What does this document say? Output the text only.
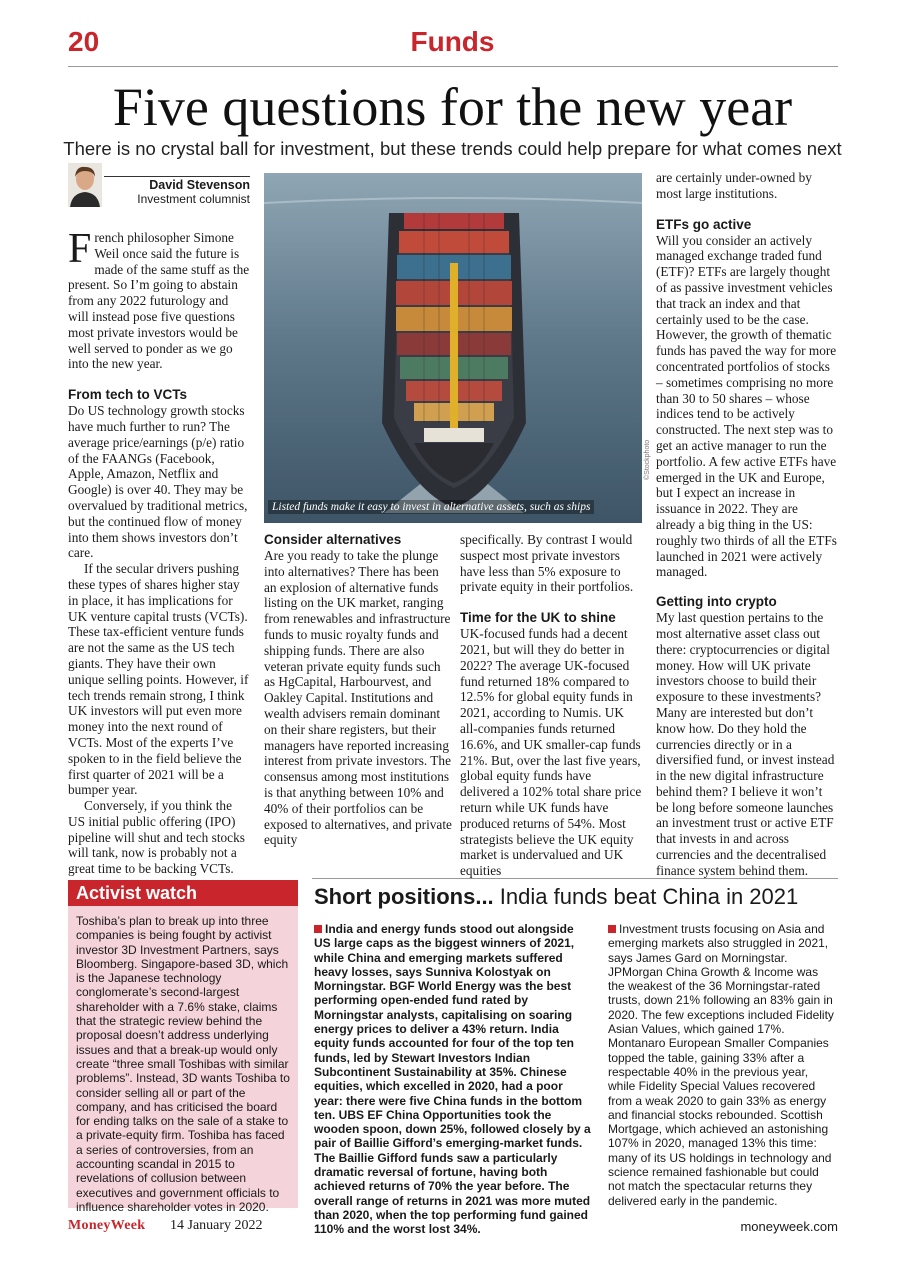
20	Funds
Five questions for the new year
There is no crystal ball for investment, but these trends could help prepare for what comes next
David Stevenson
Investment columnist

French philosopher Simone Weil once said the future is made of the same stuff as the present. So I’m going to abstain from any 2022 futurology and will instead pose five questions most private investors would be well served to ponder as we go into the new year.

From tech to VCTs

Do US technology growth stocks have much further to run? The average price/earnings (p/e) ratio of the FAANGs (Facebook, Apple, Amazon, Netflix and Google) is over 40. They may be overvalued by traditional metrics, but the continued flow of money into them shows investors don’t care.

If the secular drivers pushing these types of shares higher stay in place, it has implications for UK venture capital trusts (VCTs). These tax-efficient venture funds are not the same as the US tech giants. They have their own unique selling points. However, if tech trends remain strong, I think UK investors will put even more money into the next round of VCTs. Most of the experts I’ve spoken to in the field believe the first quarter of 2021 will be a bumper year.

Conversely, if you think the US initial public offering (IPO) pipeline will shut and tech stocks will tank, now is probably not a great time to be backing VCTs.

Listed funds make it easy to invest in alternative assets, such as ships
©Stockphoto
Consider alternatives

Are you ready to take the plunge into alternatives? There has been an explosion of alternative funds listing on the UK market, ranging from renewables and infrastructure funds to music royalty funds and shipping funds. There are also veteran private equity funds such as HgCapital, Harbourvest, and Oakley Capital. Institutions and wealth advisers remain dominant on their share registers, but their managers have reported increasing interest from private investors. The consensus among most institutions is that anything between 10% and 40% of their portfolios can be exposed to alternatives, and private equity

specifically. By contrast I would suspect most private investors have less than 5% exposure to private equity in their portfolios.

Time for the UK to shine

UK-focused funds had a decent 2021, but will they do better in 2022? The average UK-focused fund returned 18% compared to 12.5% for global equity funds in 2021, according to Numis. UK all-companies funds returned 16.6%, and UK smaller-cap funds 21%. But, over the last five years, global equity funds have delivered a 102% total share price return while UK funds have produced returns of 54%. Most strategists believe the UK equity market is undervalued and UK equities

are certainly under-owned by most large institutions.

ETFs go active

Will you consider an actively managed exchange traded fund (ETF)? ETFs are largely thought of as passive investment vehicles that track an index and that certainly used to be the case. However, the growth of thematic funds has paved the way for more concentrated portfolios of stocks – sometimes comprising no more than 30 to 50 shares – whose indices tend to be actively constructed. The next step was to get an active manager to run the portfolio. A few active ETFs have emerged in the UK and Europe, but I expect an increase in issuance in 2022. They are already a big thing in the US: roughly two thirds of all the ETFs launched in 2021 were actively managed.

Getting into crypto

My last question pertains to the most alternative asset class out there: cryptocurrencies or digital money. How will UK private investors choose to build their exposure to these investments? Many are interested but don’t know how. Do they hold the currencies directly or in a diversified fund, or invest instead in the new digital infrastructure behind them? I believe it won’t be long before someone launches an investment trust or active ETF that invests in and across currencies and the decentralised finance system behind them.

Activist watch
Toshiba’s plan to break up into three companies is being fought by activist investor 3D Investment Partners, says Bloomberg. Singapore-based 3D, which is the Japanese technology conglomerate’s second-largest shareholder with a 7.6% stake, claims that the strategic review behind the proposal doesn’t address underlying issues and that a break-up would only create “three small Toshibas with similar problems”. Instead, 3D wants Toshiba to consider selling all or part of the company, and has criticised the board for ending talks on the sale of a stake to a private-equity firm. Toshiba has faced a series of controversies, from an accounting scandal in 2015 to revelations of collusion between executives and government officials to influence shareholder votes in 2020.
Short positions... India funds beat China in 2021
India and energy funds stood out alongside US large caps as the biggest winners of 2021, while China and emerging markets suffered heavy losses, says Sunniva Kolostyak on Morningstar. BGF World Energy was the best performing open-ended fund rated by Morningstar analysts, capitalising on soaring energy prices to deliver a 43% return. India equity funds accounted for four of the top ten funds, led by Stewart Investors Indian Subcontinent Sustainability at 35%. Chinese equities, which excelled in 2020, had a poor year: there were five China funds in the bottom ten. UBS EF China Opportunities took the wooden spoon, down 25%, followed closely by a pair of Baillie Gifford’s emerging-market funds. The Baillie Gifford funds saw a particularly dramatic reversal of fortune, having both achieved returns of 70% the year before. The overall range of returns in 2021 was more muted than 2020, when the top performing fund gained 110% and the worst lost 34%.
Investment trusts focusing on Asia and emerging markets also struggled in 2021, says James Gard on Morningstar. JPMorgan China Growth & Income was the weakest of the 36 Morningstar-rated trusts, down 21% following an 83% gain in 2020. The few exceptions included Fidelity Asian Values, which gained 17%. Montanaro European Smaller Companies topped the table, gaining 33% after a respectable 40% in the previous year, while Fidelity Special Values recovered from a weak 2020 to gain 33% as energy and financial stocks rebounded. Scottish Mortgage, which achieved an astonishing 107% in 2020, managed 13% this time: many of its US holdings in technology and science remained fashionable but could not match the spectacular returns they delivered early in the pandemic.
MoneyWeek 14 January 2022	moneyweek.com
